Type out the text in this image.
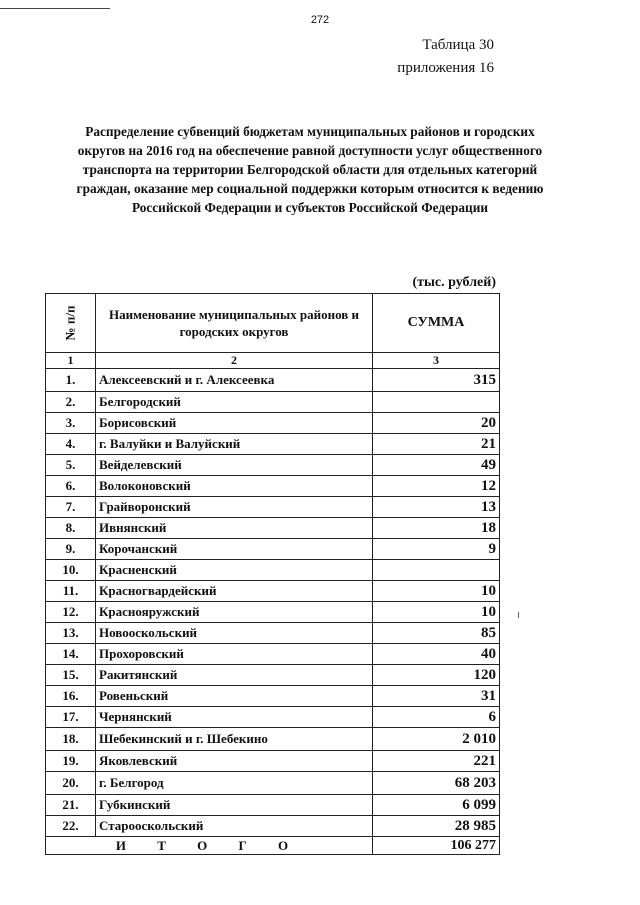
272
Таблица 30
приложения 16
Распределение субвенций бюджетам муниципальных районов и городских округов на 2016 год на обеспечение равной доступности услуг общественного транспорта на территории Белгородской области для отдельных категорий граждан, оказание мер социальной поддержки которым относится к ведению Российской Федерации и субъектов Российской Федерации
(тыс. рублей)
№ п/п	Наименование муниципальных районов и городских округов	СУММА
1	2	3
1.	Алексеевский и г. Алексеевка	315
2.	Белгородский	
3.	Борисовский	20
4.	г. Валуйки и Валуйский	21
5.	Вейделевский	49
6.	Волоконовский	12
7.	Грайворонский	13
8.	Ивнянский	18
9.	Корочанский	9
10.	Красненский	
11.	Красногвардейский	10
12.	Краснояружский	10
13.	Новооскольский	85
14.	Прохоровский	40
15.	Ракитянский	120
16.	Ровеньский	31
17.	Чернянский	6
18.	Шебекинский и г. Шебекино	2 010
19.	Яковлевский	221
20.	г. Белгород	68 203
21.	Губкинский	6 099
22.	Старооскольский	28 985
И Т О Г О		106 277
